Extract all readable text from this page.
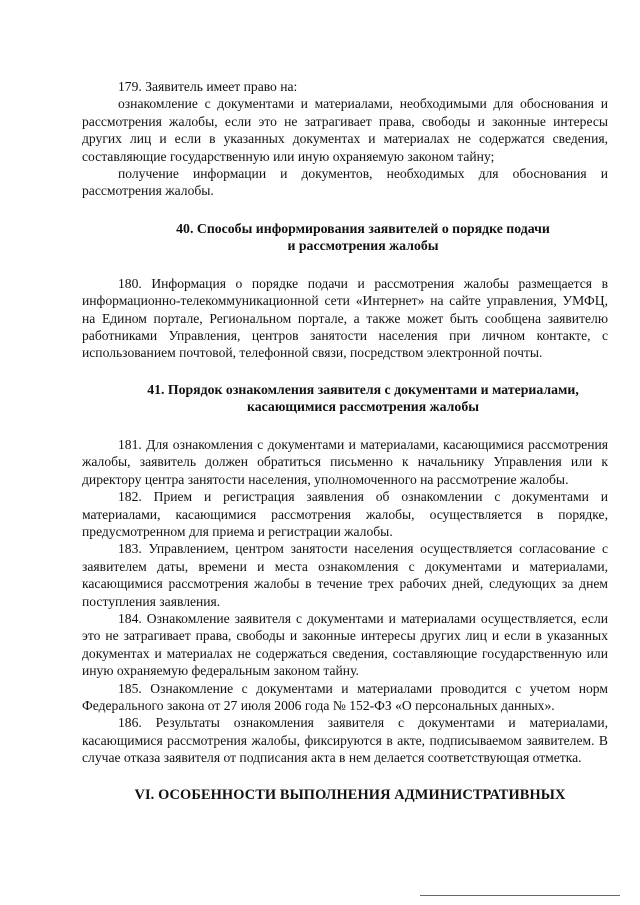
179. Заявитель имеет право на:

ознакомление с документами и материалами, необходимыми для обоснования и рассмотрения жалобы, если это не затрагивает права, свободы и законные интересы других лиц и если в указанных документах и материалах не содержатся сведения, составляющие государственную или иную охраняемую законом тайну;

получение информации и документов, необходимых для обоснования и рассмотрения жалобы.

40. Способы информирования заявителей о порядке подачи
и рассмотрения жалобы

180. Информация о порядке подачи и рассмотрения жалобы размещается в информационно-телекоммуникационной сети «Интернет» на сайте управления, УМФЦ, на Едином портале, Региональном портале, а также может быть сообщена заявителю работниками Управления, центров занятости населения при личном контакте, с использованием почтовой, телефонной связи, посредством электронной почты.

41. Порядок ознакомления заявителя с документами и материалами,
касающимися рассмотрения жалобы

181. Для ознакомления с документами и материалами, касающимися рассмотрения жалобы, заявитель должен обратиться письменно к начальнику Управления или к директору центра занятости населения, уполномоченного на рассмотрение жалобы.

182. Прием и регистрация заявления об ознакомлении с документами и материалами, касающимися рассмотрения жалобы, осуществляется в порядке, предусмотренном для приема и регистрации жалобы.

183. Управлением, центром занятости населения осуществляется согласование с заявителем даты, времени и места ознакомления с документами и материалами, касающимися рассмотрения жалобы в течение трех рабочих дней, следующих за днем поступления заявления.

184. Ознакомление заявителя с документами и материалами осуществляется, если это не затрагивает права, свободы и законные интересы других лиц и если в указанных документах и материалах не содержаться сведения, составляющие государственную или иную охраняемую федеральным законом тайну.

185. Ознакомление с документами и материалами проводится с учетом норм Федерального закона от 27 июля 2006 года № 152-ФЗ «О персональных данных».

186. Результаты ознакомления заявителя с документами и материалами, касающимися рассмотрения жалобы, фиксируются в акте, подписываемом заявителем. В случае отказа заявителя от подписания акта в нем делается соответствующая отметка.

VI. ОСОБЕННОСТИ ВЫПОЛНЕНИЯ АДМИНИСТРАТИВНЫХ
